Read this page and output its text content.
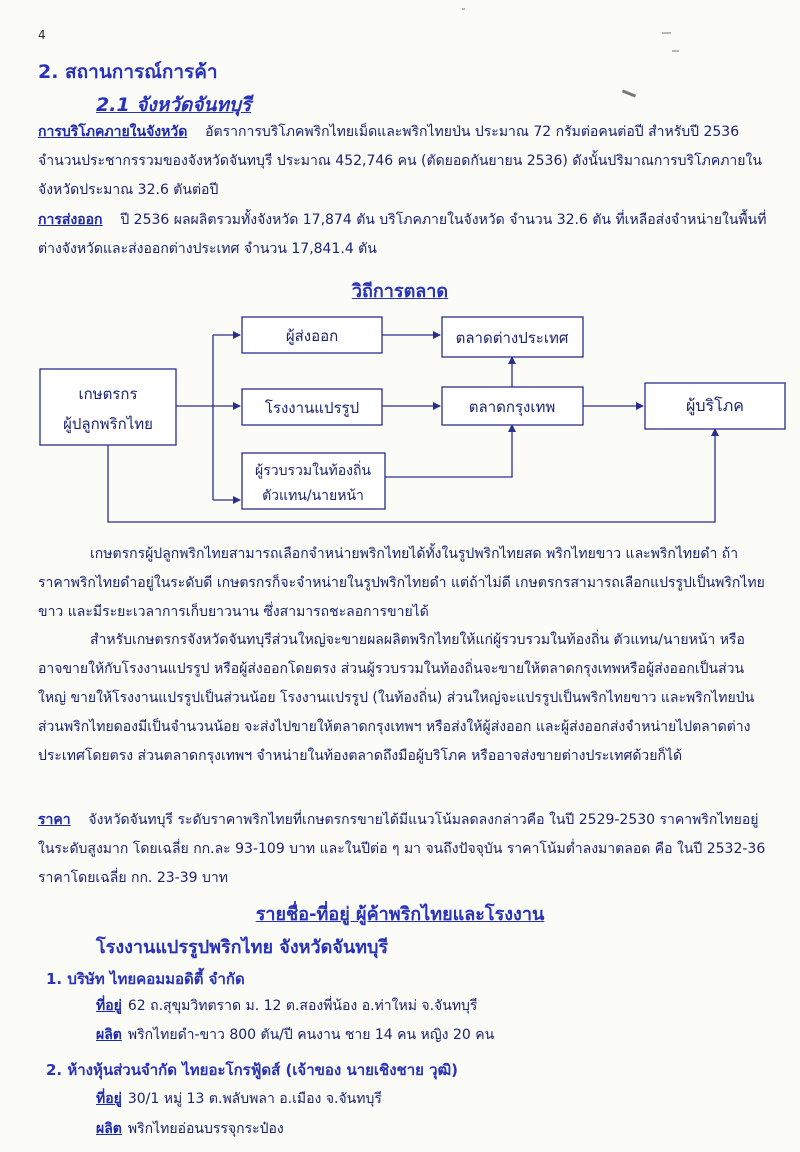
4
2. สถานการณ์การค้า
2.1 จังหวัดจันทบุรี
การบริโภคภายในจังหวัด อัตราการบริโภคพริกไทยเม็ดและพริกไทยป่น ประมาณ 72 กรัมต่อคนต่อปี สำหรับปี 2536 จำนวนประชากรรวมของจังหวัดจันทบุรี ประมาณ 452,746 คน (ตัดยอดกันยายน 2536) ดังนั้นปริมาณการบริโภคภายในจังหวัดประมาณ 32.6 ตันต่อปี
การส่งออก ปี 2536 ผลผลิตรวมทั้งจังหวัด 17,874 ตัน บริโภคภายในจังหวัด จำนวน 32.6 ตัน ที่เหลือส่งจำหน่ายในพื้นที่ต่างจังหวัดและส่งออกต่างประเทศ จำนวน 17,841.4 ตัน
วิถีการตลาด
เกษตรกร
ผู้ปลูกพริกไทย
ผู้ส่งออก
โรงงานแปรรูป
ผู้รวบรวมในท้องถิ่น
ตัวแทน/นายหน้า
ตลาดต่างประเทศ
ตลาดกรุงเทพ	ผู้บริโภค
เกษตรกรผู้ปลูกพริกไทยสามารถเลือกจำหน่ายพริกไทยได้ทั้งในรูปพริกไทยสด พริกไทยขาว และพริกไทยดำ ถ้าราคาพริกไทยดำอยู่ในระดับดี เกษตรกรก็จะจำหน่ายในรูปพริกไทยดำ แต่ถ้าไม่ดี เกษตรกรสามารถเลือกแปรรูปเป็นพริกไทยขาว และมีระยะเวลาการเก็บยาวนาน ซึ่งสามารถชะลอการขายได้
สำหรับเกษตรกรจังหวัดจันทบุรีส่วนใหญ่จะขายผลผลิตพริกไทยให้แก่ผู้รวบรวมในท้องถิ่น ตัวแทน/นายหน้า หรืออาจขายให้กับโรงงานแปรรูป หรือผู้ส่งออกโดยตรง ส่วนผู้รวบรวมในท้องถิ่นจะขายให้ตลาดกรุงเทพหรือผู้ส่งออกเป็นส่วนใหญ่ ขายให้โรงงานแปรรูปเป็นส่วนน้อย โรงงานแปรรูป (ในท้องถิ่น) ส่วนใหญ่จะแปรรูปเป็นพริกไทยขาว และพริกไทยป่น ส่วนพริกไทยดองมีเป็นจำนวนน้อย จะส่งไปขายให้ตลาดกรุงเทพฯ หรือส่งให้ผู้ส่งออก และผู้ส่งออกส่งจำหน่ายไปตลาดต่างประเทศโดยตรง ส่วนตลาดกรุงเทพฯ จำหน่ายในท้องตลาดถึงมือผู้บริโภค หรืออาจส่งขายต่างประเทศด้วยก็ได้
ราคา จังหวัดจันทบุรี ระดับราคาพริกไทยที่เกษตรกรขายได้มีแนวโน้มลดลงกล่าวคือ ในปี 2529-2530 ราคาพริกไทยอยู่ในระดับสูงมาก โดยเฉลี่ย กก.ละ 93-109 บาท และในปีต่อ ๆ มา จนถึงปัจจุบัน ราคาโน้มต่ำลงมาตลอด คือ ในปี 2532-36 ราคาโดยเฉลี่ย กก. 23-39 บาท
รายชื่อ-ที่อยู่ ผู้ค้าพริกไทยและโรงงาน
โรงงานแปรรูปพริกไทย จังหวัดจันทบุรี
1. บริษัท ไทยคอมมอดิตี้ จำกัด
ที่อยู่ 62 ถ.สุขุมวิทตราด ม. 12 ต.สองพี่น้อง อ.ท่าใหม่ จ.จันทบุรี
ผลิต พริกไทยดำ-ขาว 800 ตัน/ปี คนงาน ชาย 14 คน หญิง 20 คน
2. ห้างหุ้นส่วนจำกัด ไทยอะโกรฟู้ดส์ (เจ้าของ นายเชิงชาย วุฒิ)
ที่อยู่ 30/1 หมู่ 13 ต.พลับพลา อ.เมือง จ.จันทบุรี
ผลิต พริกไทยอ่อนบรรจุกระป๋อง
